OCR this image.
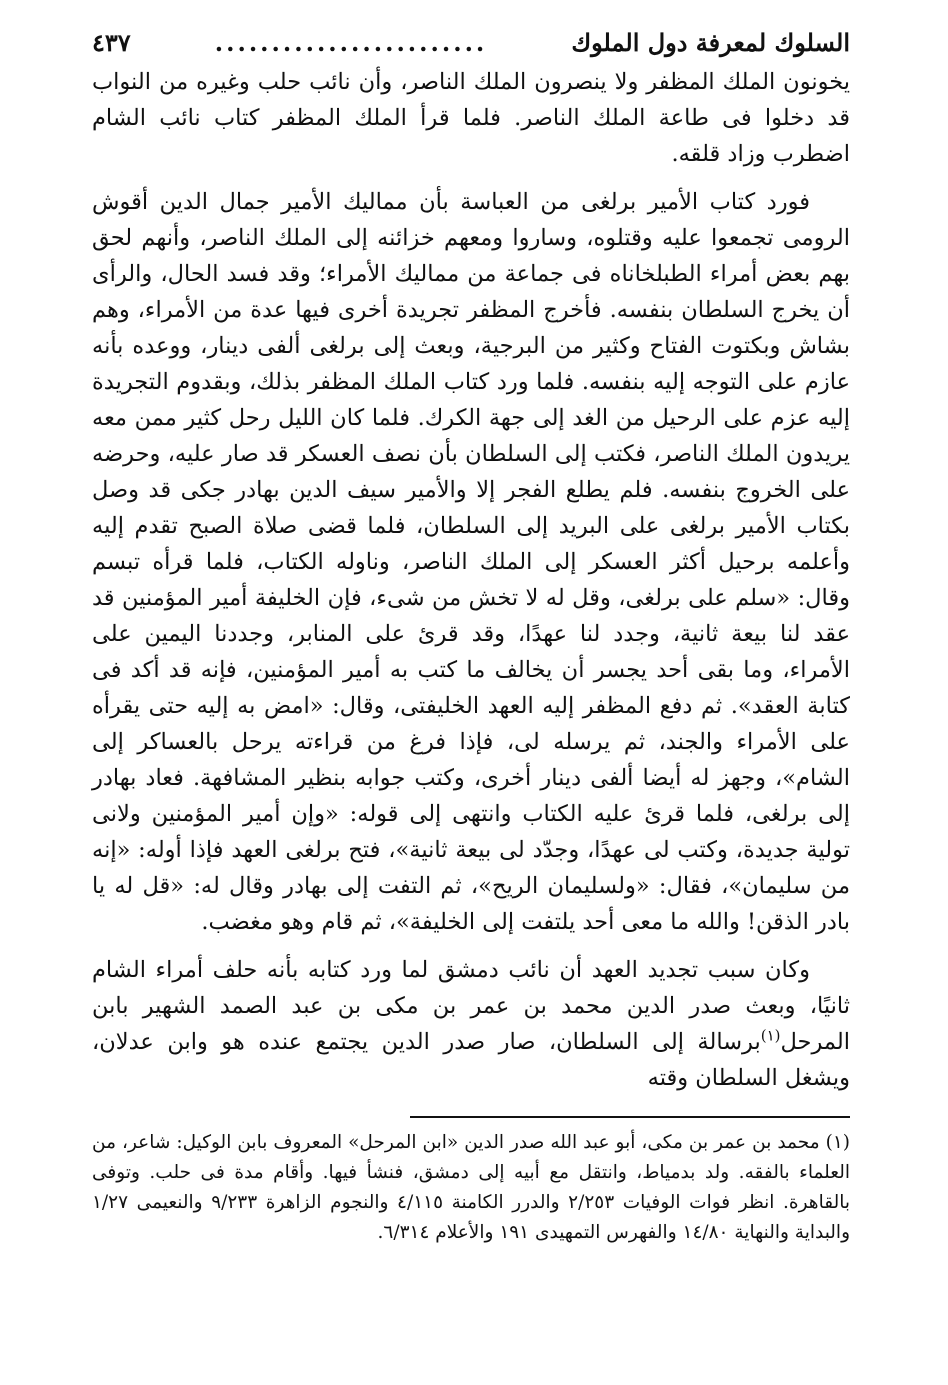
السلوك لمعرفة دول الملوك
........................
٤٣٧

يخونون الملك المظفر ولا ينصرون الملك الناصر، وأن نائب حلب وغيره من النواب قد دخلوا فى طاعة الملك الناصر. فلما قرأ الملك المظفر كتاب نائب الشام اضطرب وزاد قلقه.

فورد كتاب الأمير برلغى من العباسة بأن مماليك الأمير جمال الدين أقوش الرومى تجمعوا عليه وقتلوه، وساروا ومعهم خزائنه إلى الملك الناصر، وأنهم لحق بهم بعض أمراء الطبلخاناه فى جماعة من مماليك الأمراء؛ وقد فسد الحال، والرأى أن يخرج السلطان بنفسه. فأخرج المظفر تجريدة أخرى فيها عدة من الأمراء، وهم بشاش وبكتوت الفتاح وكثير من البرجية، وبعث إلى برلغى ألفى دينار، ووعده بأنه عازم على التوجه إليه بنفسه. فلما ورد كتاب الملك المظفر بذلك، وبقدوم التجريدة إليه عزم على الرحيل من الغد إلى جهة الكرك. فلما كان الليل رحل كثير ممن معه يريدون الملك الناصر، فكتب إلى السلطان بأن نصف العسكر قد صار عليه، وحرضه على الخروج بنفسه. فلم يطلع الفجر إلا والأمير سيف الدين بهادر جكى قد وصل بكتاب الأمير برلغى على البريد إلى السلطان، فلما قضى صلاة الصبح تقدم إليه وأعلمه برحيل أكثر العسكر إلى الملك الناصر، وناوله الكتاب، فلما قرأه تبسم وقال: «سلم على برلغى، وقل له لا تخش من شىء، فإن الخليفة أمير المؤمنين قد عقد لنا بيعة ثانية، وجدد لنا عهدًا، وقد قرئ على المنابر، وجددنا اليمين على الأمراء، وما بقى أحد يجسر أن يخالف ما كتب به أمير المؤمنين، فإنه قد أكد فى كتابة العقد». ثم دفع المظفر إليه العهد الخليفتى، وقال: «امض به إليه حتى يقرأه على الأمراء والجند، ثم يرسله لى، فإذا فرغ من قراءته يرحل بالعساكر إلى الشام»، وجهز له أيضا ألفى دينار أخرى، وكتب جوابه بنظير المشافهة. فعاد بهادر إلى برلغى، فلما قرئ عليه الكتاب وانتهى إلى قوله: «وإن أمير المؤمنين ولانى تولية جديدة، وكتب لى عهدًا، وجدّد لى بيعة ثانية»، فتح برلغى العهد فإذا أوله: «إنه من سليمان»، فقال: «ولسليمان الريح»، ثم التفت إلى بهادر وقال له: «قل له يا بادر الذقن! والله ما معى أحد يلتفت إلى الخليفة»، ثم قام وهو مغضب.

وكان سبب تجديد العهد أن نائب دمشق لما ورد كتابه بأنه حلف أمراء الشام ثانيًا، وبعث صدر الدين محمد بن عمر بن مكى بن عبد الصمد الشهير بابن المرحل$^{(١)}$برسالة إلى السلطان، صار صدر الدين يجتمع عنده هو وابن عدلان، ويشغل السلطان وقته

(١) محمد بن عمر بن مكى، أبو عبد الله صدر الدين «ابن المرحل» المعروف بابن الوكيل: شاعر، من العلماء بالفقه. ولد بدمياط، وانتقل مع أبيه إلى دمشق، فنشأ فيها. وأقام مدة فى حلب. وتوفى بالقاهرة. انظر فوات الوفيات ٢/٢٥٣ والدرر الكامنة ٤/١١٥ والنجوم الزاهرة ٩/٢٣٣ والنعيمى ١/٢٧ والبداية والنهاية ١٤/٨٠ والفهرس التمهيدى ١٩١ والأعلام ٦/٣١٤.
